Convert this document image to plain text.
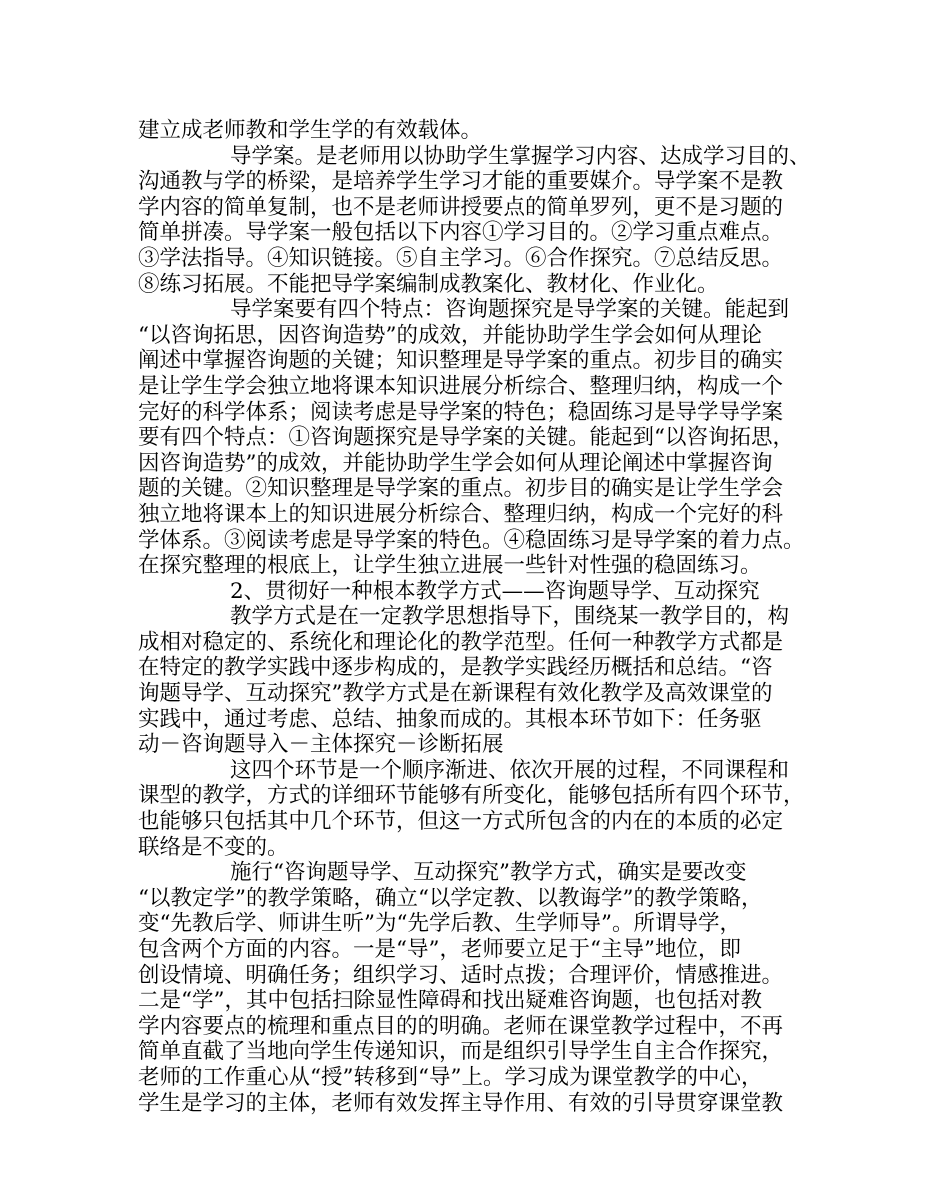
建立成老师教和学生学的有效载体。
导学案。是老师用以协助学生掌握学习内容、达成学习目的、
沟通教与学的桥梁，是培养学生学习才能的重要媒介。导学案不是教
学内容的简单复制，也不是老师讲授要点的简单罗列，更不是习题的
简单拼凑。导学案一般包括以下内容①学习目的。②学习重点难点。
③学法指导。④知识链接。⑤自主学习。⑥合作探究。⑦总结反思。
⑧练习拓展。不能把导学案编制成教案化、教材化、作业化。
导学案要有四个特点：咨询题探究是导学案的关键。能起到
“以咨询拓思，因咨询造势”的成效，并能协助学生学会如何从理论
阐述中掌握咨询题的关键；知识整理是导学案的重点。初步目的确实
是让学生学会独立地将课本知识进展分析综合、整理归纳，构成一个
完好的科学体系；阅读考虑是导学案的特色；稳固练习是导学导学案
要有四个特点：①咨询题探究是导学案的关键。能起到“以咨询拓思，
因咨询造势”的成效，并能协助学生学会如何从理论阐述中掌握咨询
题的关键。②知识整理是导学案的重点。初步目的确实是让学生学会
独立地将课本上的知识进展分析综合、整理归纳，构成一个完好的科
学体系。③阅读考虑是导学案的特色。④稳固练习是导学案的着力点。
在探究整理的根底上，让学生独立进展一些针对性强的稳固练习。
2、贯彻好一种根本教学方式——咨询题导学、互动探究
教学方式是在一定教学思想指导下，围绕某一教学目的，构
成相对稳定的、系统化和理论化的教学范型。任何一种教学方式都是
在特定的教学实践中逐步构成的，是教学实践经历概括和总结。“咨
询题导学、互动探究”教学方式是在新课程有效化教学及高效课堂的
实践中，通过考虑、总结、抽象而成的。其根本环节如下：任务驱
动－咨询题导入－主体探究－诊断拓展
这四个环节是一个顺序渐进、依次开展的过程，不同课程和
课型的教学，方式的详细环节能够有所变化，能够包括所有四个环节，
也能够只包括其中几个环节，但这一方式所包含的内在的本质的必定
联络是不变的。
施行“咨询题导学、互动探究”教学方式，确实是要改变
“以教定学”的教学策略，确立“以学定教、以教诲学”的教学策略，
变“先教后学、师讲生听”为“先学后教、生学师导”。所谓导学，
包含两个方面的内容。一是“导”，老师要立足于“主导”地位，即
创设情境、明确任务；组织学习、适时点拨；合理评价，情感推进。
二是“学”，其中包括扫除显性障碍和找出疑难咨询题，也包括对教
学内容要点的梳理和重点目的的明确。老师在课堂教学过程中，不再
简单直截了当地向学生传递知识，而是组织引导学生自主合作探究，
老师的工作重心从“授”转移到“导”上。学习成为课堂教学的中心，
学生是学习的主体，老师有效发挥主导作用、有效的引导贯穿课堂教
